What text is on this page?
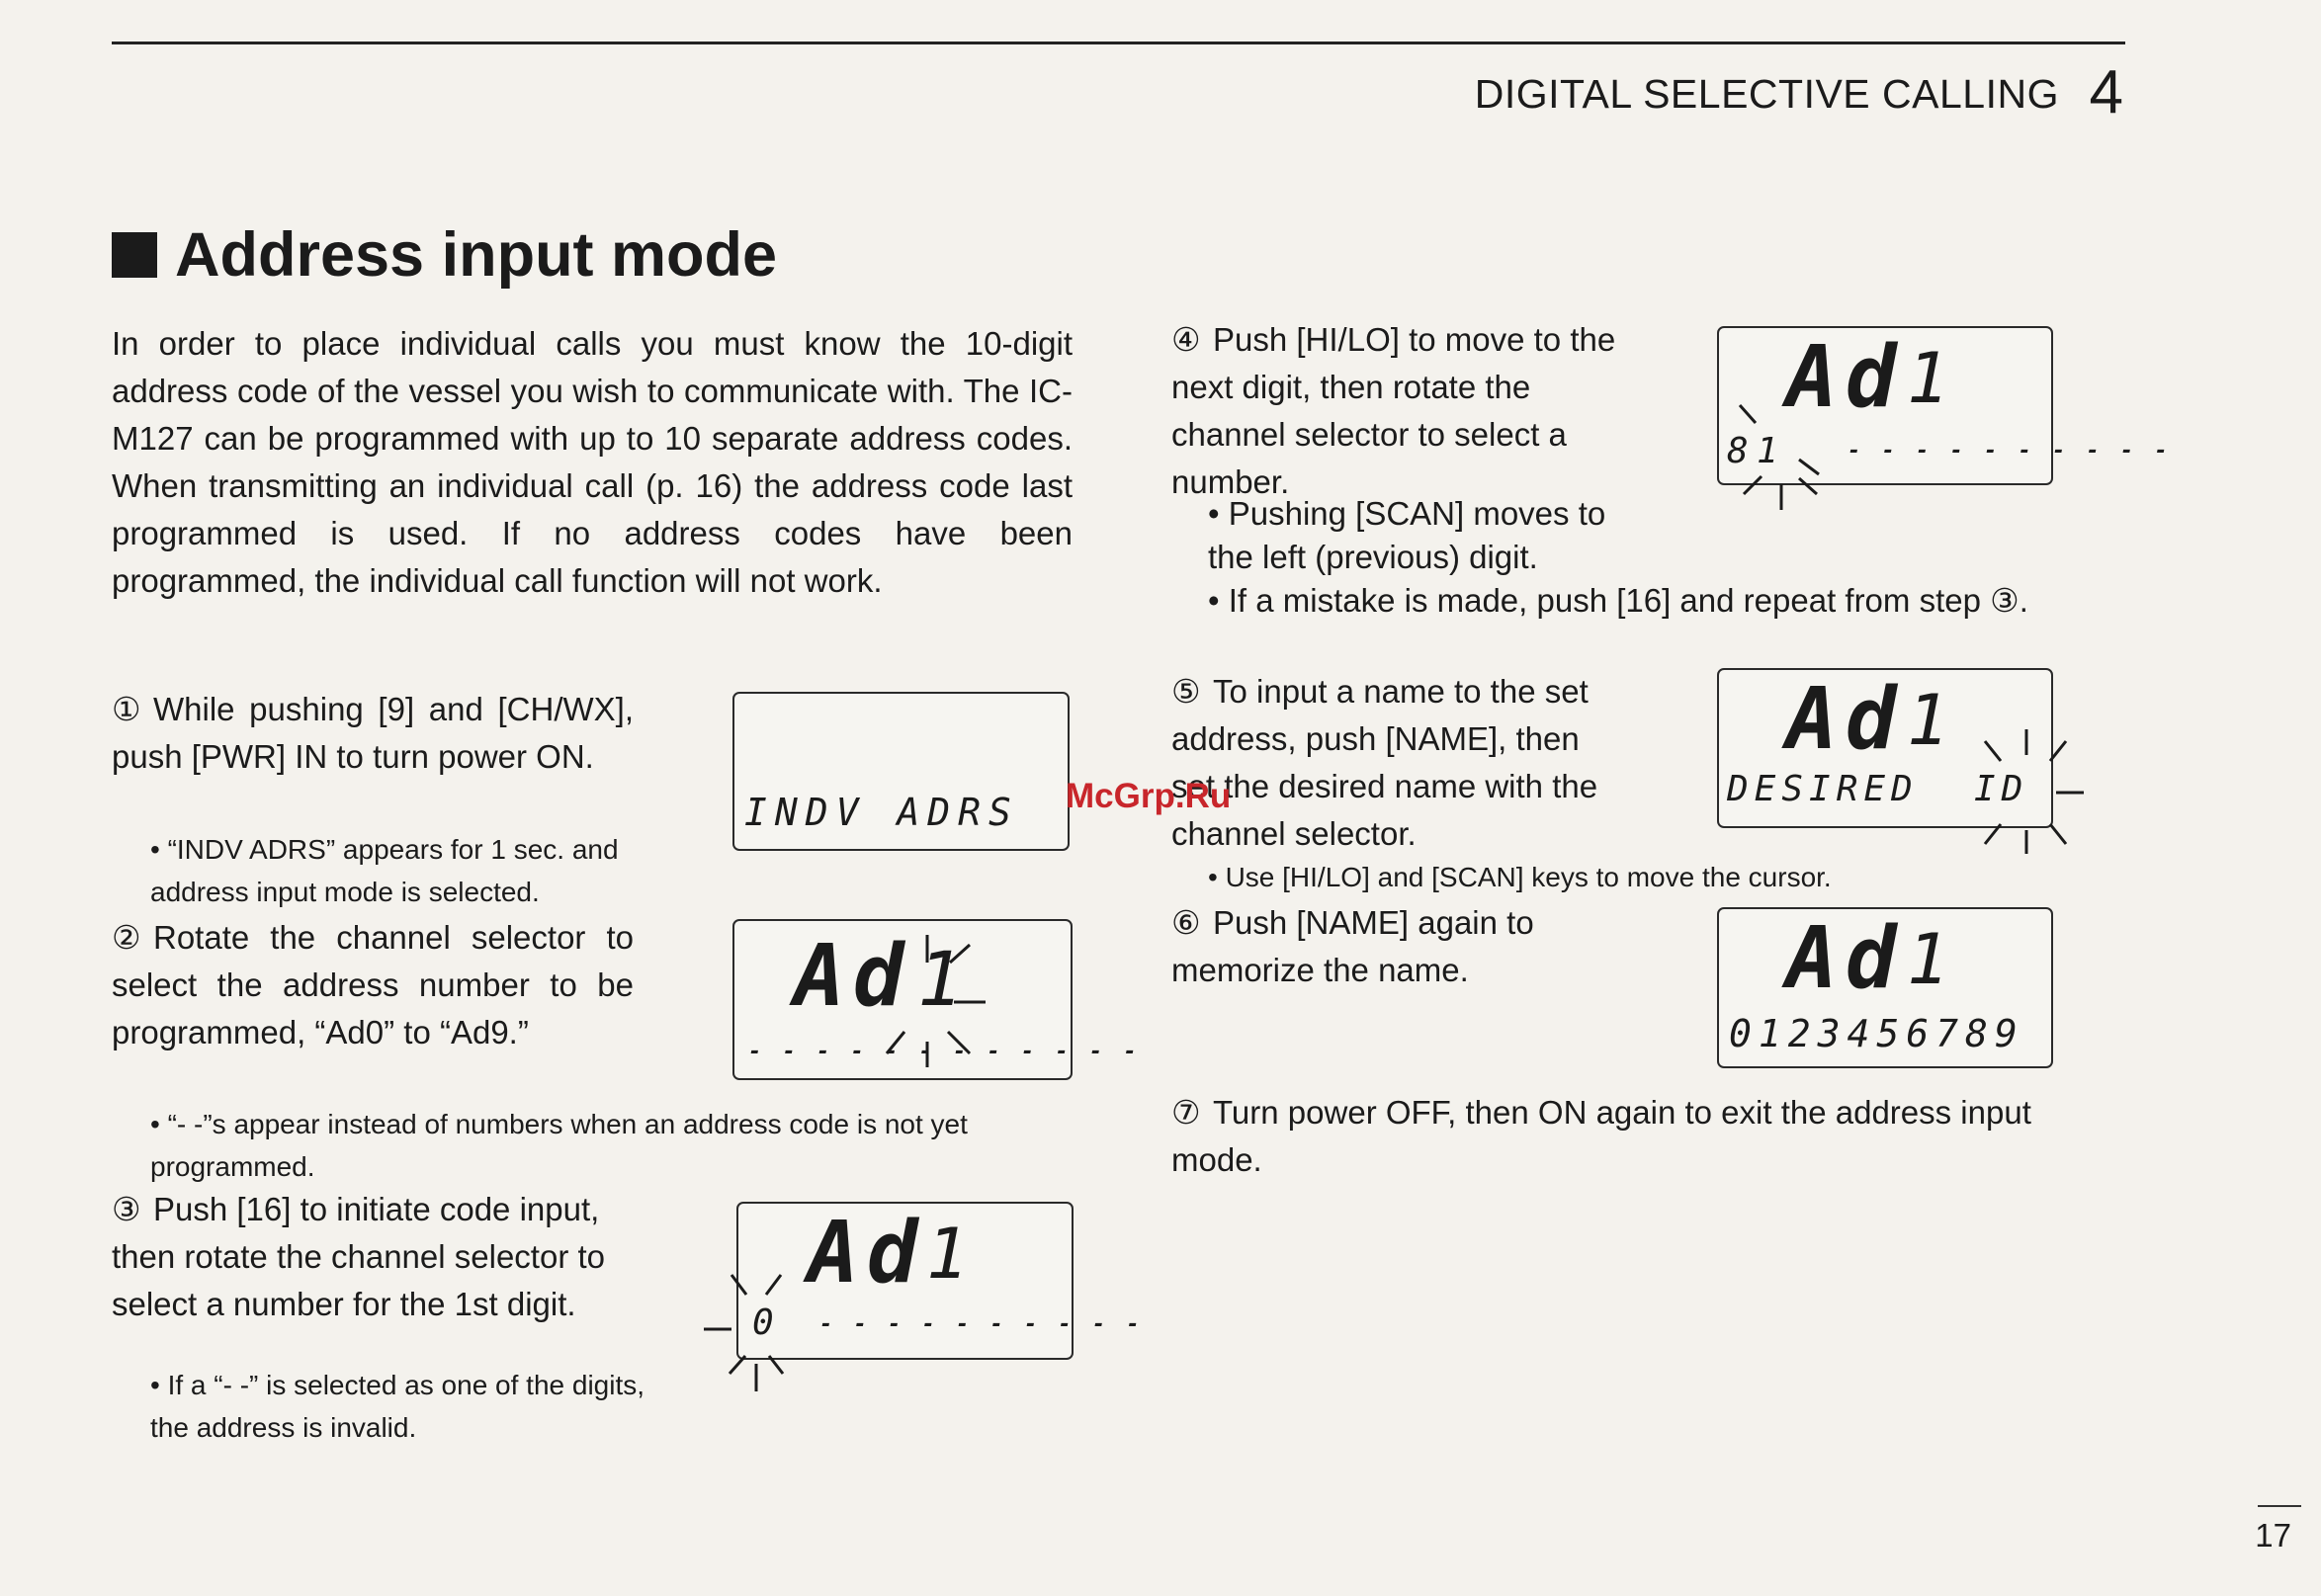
DIGITAL SELECTIVE CALLING 4
Address input mode
In order to place individual calls you must know the 10-digit address code of the vessel you wish to communicate with. The IC-M127 can be programmed with up to 10 separate address codes. When transmitting an individual call (p. 16) the address code last programmed is used. If no address codes have been programmed, the individual call function will not work.
① While pushing [9] and [CH/WX], push [PWR] IN to turn power ON.
• “INDV ADRS” appears for 1 sec. and address input mode is selected.
② Rotate the channel selector to select the address number to be programmed, “Ad0” to “Ad9.”
• “- -”s appear instead of numbers when an address code is not yet programmed.
③ Push [16] to initiate code input, then rotate the channel selector to select a number for the 1st digit.
• If a “- -” is selected as one of the digits, the address is invalid.
④ Push [HI/LO] to move to the next digit, then rotate the channel selector to select a number.
• Pushing [SCAN] moves to the left (previous) digit.
• If a mistake is made, push [16] and repeat from step ③.
⑤ To input a name to the set address, push [NAME], then set the desired name with the channel selector.
• Use [HI/LO] and [SCAN] keys to move the cursor.
⑥ Push [NAME] again to memorize the name.
⑦ Turn power OFF, then ON again to exit the address input mode.
INDV ADRS
Ad 1
- - - - - - - - - - - -
Ad 1
0 - - - - - - - - - -
Ad 1
8 1	- - - - - - - - - -
Ad 1
DESIRED ID
Ad 1
0123456789
McGrp.Ru
17
